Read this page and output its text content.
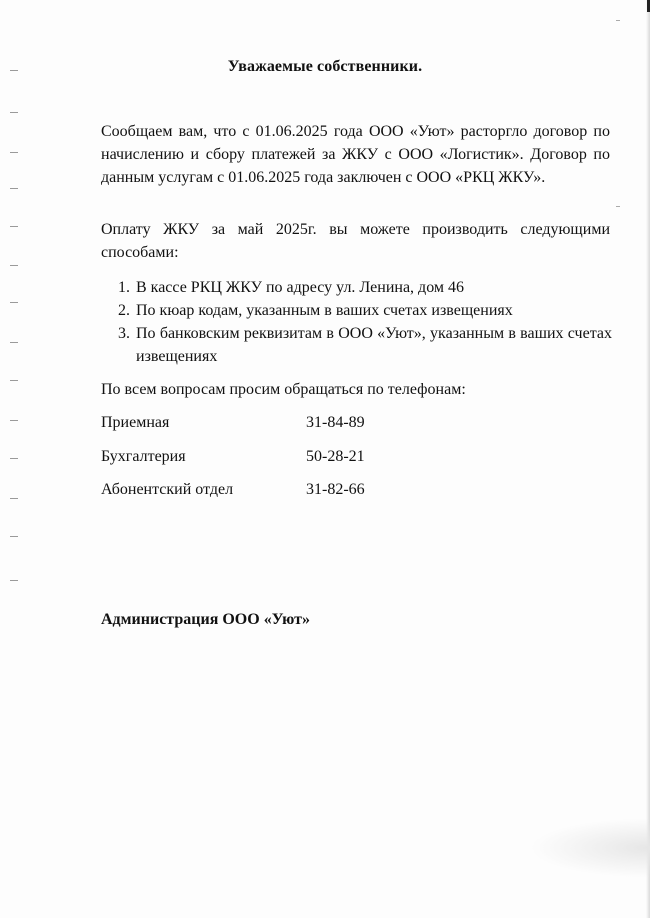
Уважаемые собственники.

Сообщаем вам, что с 01.06.2025 года ООО «Уют» расторгло договор по начислению и сбору платежей за ЖКУ с ООО «Логистик». Договор по данным услугам с 01.06.2025 года заключен с ООО «РКЦ ЖКУ».

Оплату ЖКУ за май 2025г. вы можете производить следующими способами:

1. В кассе РКЦ ЖКУ по адресу ул. Ленина, дом 46
2. По кюар кодам, указанным в ваших счетах извещениях
3. По банковским реквизитам в ООО «Уют», указанным в ваших счетах извещениях

По всем вопросам просим обращаться по телефонам:

Приемная	31-84-89
Бухгалтерия	50-28-21
Абонентский отдел	31-82-66

Администрация ООО «Уют»
